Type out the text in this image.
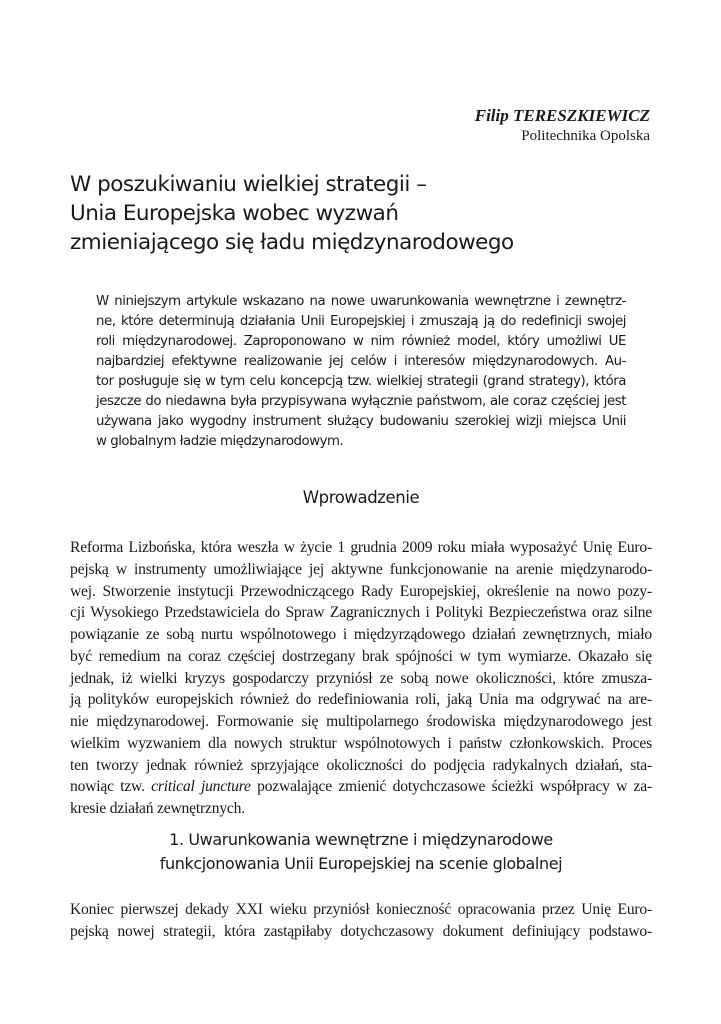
Filip TERESZKIEWICZ
Politechnika Opolska
W poszukiwaniu wielkiej strategii –
Unia Europejska wobec wyzwań
zmieniającego się ładu międzynarodowego

W niniejszym artykule wskazano na nowe uwarunkowania wewnętrzne i zewnętrz-
ne, które determinują działania Unii Europejskiej i zmuszają ją do redefinicji swojej
roli międzynarodowej. Zaproponowano w nim również model, który umożliwi UE
najbardziej efektywne realizowanie jej celów i interesów międzynarodowych. Au-
tor posługuje się w tym celu koncepcją tzw. wielkiej strategii (grand strategy), która
jeszcze do niedawna była przypisywana wyłącznie państwom, ale coraz częściej jest
używana jako wygodny instrument służący budowaniu szerokiej wizji miejsca Unii
w globalnym ładzie międzynarodowym.

Wprowadzenie

Reforma Lizbońska, która weszła w życie 1 grudnia 2009 roku miała wyposażyć Unię Euro-
pejską w instrumenty umożliwiające jej aktywne funkcjonowanie na arenie międzynarodo-
wej. Stworzenie instytucji Przewodniczącego Rady Europejskiej, określenie na nowo pozy-
cji Wysokiego Przedstawiciela do Spraw Zagranicznych i Polityki Bezpieczeństwa oraz silne
powiązanie ze sobą nurtu wspólnotowego i międzyrządowego działań zewnętrznych, miało
być remedium na coraz częściej dostrzegany brak spójności w tym wymiarze. Okazało się
jednak, iż wielki kryzys gospodarczy przyniósł ze sobą nowe okoliczności, które zmusza-
ją polityków europejskich również do redefiniowania roli, jaką Unia ma odgrywać na are-
nie międzynarodowej. Formowanie się multipolarnego środowiska międzynarodowego jest
wielkim wyzwaniem dla nowych struktur wspólnotowych i państw członkowskich. Proces
ten tworzy jednak również sprzyjające okoliczności do podjęcia radykalnych działań, sta-
nowiąc tzw. critical juncture pozwalające zmienić dotychczasowe ścieżki współpracy w za-
kresie działań zewnętrznych.

1. Uwarunkowania wewnętrzne i międzynarodowe
funkcjonowania Unii Europejskiej na scenie globalnej

Koniec pierwszej dekady XXI wieku przyniósł konieczność opracowania przez Unię Euro-
pejską nowej strategii, która zastąpiłaby dotychczasowy dokument definiujący podstawo-
